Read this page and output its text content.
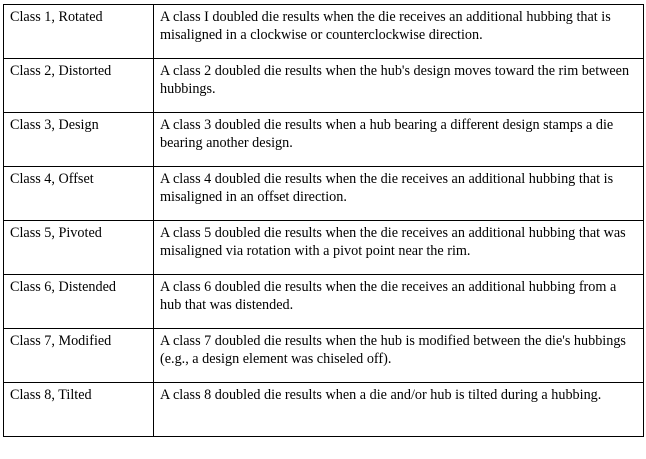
Class 1, Rotated	A class I doubled die results when the die receives an additional hubbing that is misaligned in a clockwise or counterclockwise direction.
Class 2, Distorted	A class 2 doubled die results when the hub's design moves toward the rim between hubbings.
Class 3, Design	A class 3 doubled die results when a hub bearing a different design stamps a die bearing another design.
Class 4, Offset	A class 4 doubled die results when the die receives an additional hubbing that is misaligned in an offset direction.
Class 5, Pivoted	A class 5 doubled die results when the die receives an additional hubbing that was misaligned via rotation with a pivot point near the rim.
Class 6, Distended	A class 6 doubled die results when the die receives an additional hubbing from a hub that was distended.
Class 7, Modified	A class 7 doubled die results when the hub is modified between the die's hubbings (e.g., a design element was chiseled off).
Class 8, Tilted	A class 8 doubled die results when a die and/or hub is tilted during a hubbing.
